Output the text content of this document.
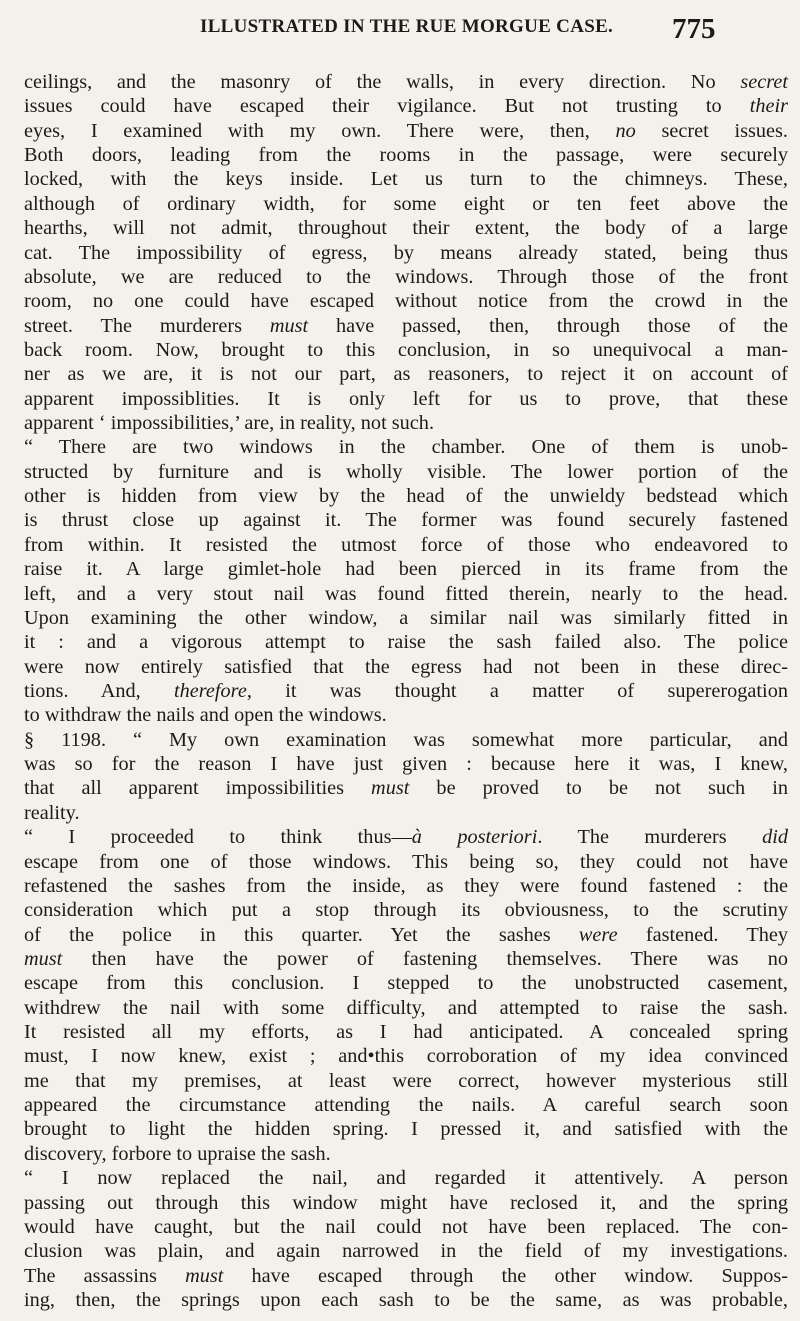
ILLUSTRATED IN THE RUE MORGUE CASE. 775
ceilings, and the masonry of the walls, in every direction. No secret
issues could have escaped their vigilance. But not trusting to their
eyes, I examined with my own. There were, then, no secret issues.
Both doors, leading from the rooms in the passage, were securely
locked, with the keys inside. Let us turn to the chimneys. These,
although of ordinary width, for some eight or ten feet above the
hearths, will not admit, throughout their extent, the body of a large
cat. The impossibility of egress, by means already stated, being thus
absolute, we are reduced to the windows. Through those of the front
room, no one could have escaped without notice from the crowd in the
street. The murderers must have passed, then, through those of the
back room. Now, brought to this conclusion, in so unequivocal a man-
ner as we are, it is not our part, as reasoners, to reject it on account of
apparent impossiblities. It is only left for us to prove, that these
apparent ‘ impossibilities,’ are, in reality, not such.
“ There are two windows in the chamber. One of them is unob-
structed by furniture and is wholly visible. The lower portion of the
other is hidden from view by the head of the unwieldy bedstead which
is thrust close up against it. The former was found securely fastened
from within. It resisted the utmost force of those who endeavored to
raise it. A large gimlet-hole had been pierced in its frame from the
left, and a very stout nail was found fitted therein, nearly to the head.
Upon examining the other window, a similar nail was similarly fitted in
it : and a vigorous attempt to raise the sash failed also. The police
were now entirely satisfied that the egress had not been in these direc-
tions. And, therefore, it was thought a matter of supererogation
to withdraw the nails and open the windows.
§ 1198. “ My own examination was somewhat more particular, and
was so for the reason I have just given : because here it was, I knew,
that all apparent impossibilities must be proved to be not such in
reality.
“ I proceeded to think thus—à posteriori. The murderers did
escape from one of those windows. This being so, they could not have
refastened the sashes from the inside, as they were found fastened : the
consideration which put a stop through its obviousness, to the scrutiny
of the police in this quarter. Yet the sashes were fastened. They
must then have the power of fastening themselves. There was no
escape from this conclusion. I stepped to the unobstructed casement,
withdrew the nail with some difficulty, and attempted to raise the sash.
It resisted all my efforts, as I had anticipated. A concealed spring
must, I now knew, exist ; and•this corroboration of my idea convinced
me that my premises, at least were correct, however mysterious still
appeared the circumstance attending the nails. A careful search soon
brought to light the hidden spring. I pressed it, and satisfied with the
discovery, forbore to upraise the sash.
“ I now replaced the nail, and regarded it attentively. A person
passing out through this window might have reclosed it, and the spring
would have caught, but the nail could not have been replaced. The con-
clusion was plain, and again narrowed in the field of my investigations.
The assassins must have escaped through the other window. Suppos-
ing, then, the springs upon each sash to be the same, as was probable,
